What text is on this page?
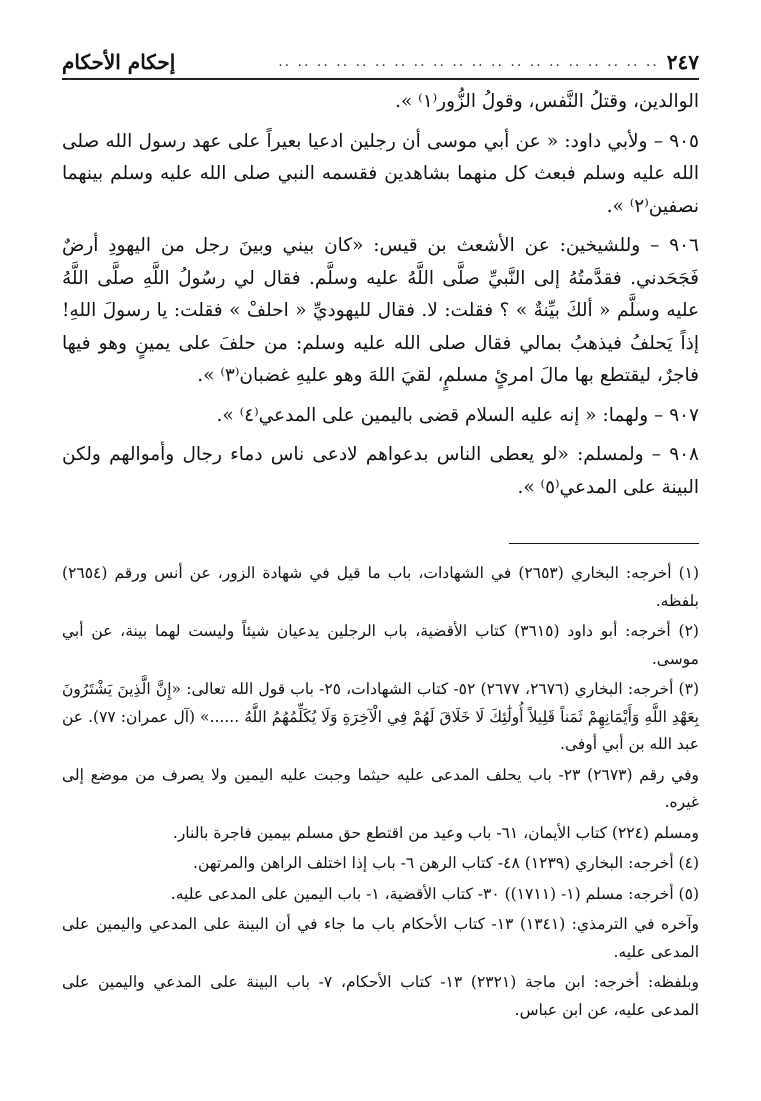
٢٤٧
.. .. .. .. .. .. .. .. .. .. .. .. .. .. .. .. .. .. .. ..
إحكام الأحكام

الوالدين، وقتلُ النَّفس، وقولُ الزُّور⁽١⁾ ».

٩٠٥ – ولأبي داود: « عن أبي موسى أن رجلين ادعيا بعيراً على عهد رسول الله صلى الله عليه وسلم فبعث كل منهما بشاهدين فقسمه النبي صلى الله عليه وسلم بينهما نصفين⁽٢⁾ ».

٩٠٦ – وللشيخين: عن الأشعث بن قيس: «كان بيني وبينَ رجل من اليهودِ أرضٌ فَجَحَدني. فقدَّمتُهُ إلى النَّبيِّ صلَّى اللَّهُ عليه وسلَّم. فقال لي رسُولُ اللَّهِ صلَّى اللَّهُ عليه وسلَّم « ألكَ بيِّنةٌ » ؟ فقلت: لا. فقال لليهوديِّ « احلفْ » فقلت: يا رسولَ اللهِ! إذاً يَحلفُ فيذهبُ بمالي فقال صلى الله عليه وسلم: من حلفَ على يمينٍ وهو فيها فاجرٌ، ليقتطع بها مالَ امرئٍ مسلمٍ، لقيَ اللهَ وهو عليهِ غضبان⁽٣⁾ ».

٩٠٧ – ولهما: « إنه عليه السلام قضى باليمين على المدعي⁽٤⁾ ».

٩٠٨ – ولمسلم: «لو يعطى الناس بدعواهم لادعى ناس دماء رجال وأموالهم ولكن البينة على المدعي⁽٥⁾ ».

(١) أخرجه: البخاري (٢٦٥٣) في الشهادات، باب ما قيل في شهادة الزور، عن أنس ورقم (٢٦٥٤) بلفظه.

(٢) أخرجه: أبو داود (٣٦١٥) كتاب الأقضية، باب الرجلين يدعيان شيئاً وليست لهما بينة، عن أبي موسى.

(٣) أخرجه: البخاري (٢٦٧٦، ٢٦٧٧) ٥٢- كتاب الشهادات، ٢٥- باب قول الله تعالى: «إِنَّ الَّذِينَ يَشْتَرُونَ بِعَهْدِ اللَّهِ وَأَيْمَانِهِمْ ثَمَناً قَلِيلاً أُولَٰئِكَ لَا خَلَاقَ لَهُمْ فِي الْآخِرَةِ وَلَا يُكَلِّمُهُمُ اللَّهُ ......» (آل عمران: ٧٧). عن عبد الله بن أبي أوفى.

وفي رقم (٢٦٧٣) ٢٣- باب يحلف المدعى عليه حيثما وجبت عليه اليمين ولا يصرف من موضع إلى غيره.

ومسلم (٢٢٤) كتاب الأيمان، ٦١- باب وعيد من اقتطع حق مسلم بيمين فاجرة بالنار.

(٤) أخرجه: البخاري (١٢٣٩) ٤٨- كتاب الرهن ٦- باب إذا اختلف الراهن والمرتهن.

(٥) أخرجه: مسلم (١- (١٧١١)) ٣٠- كتاب الأقضية، ١- باب اليمين على المدعى عليه.

وآخره في الترمذي: (١٣٤١) ١٣- كتاب الأحكام باب ما جاء في أن البينة على المدعي واليمين على المدعى عليه.

وبلفظه: أخرجه: ابن ماجة (٢٣٢١) ١٣- كتاب الأحكام، ٧- باب البينة على المدعي واليمين على المدعى عليه، عن ابن عباس.
